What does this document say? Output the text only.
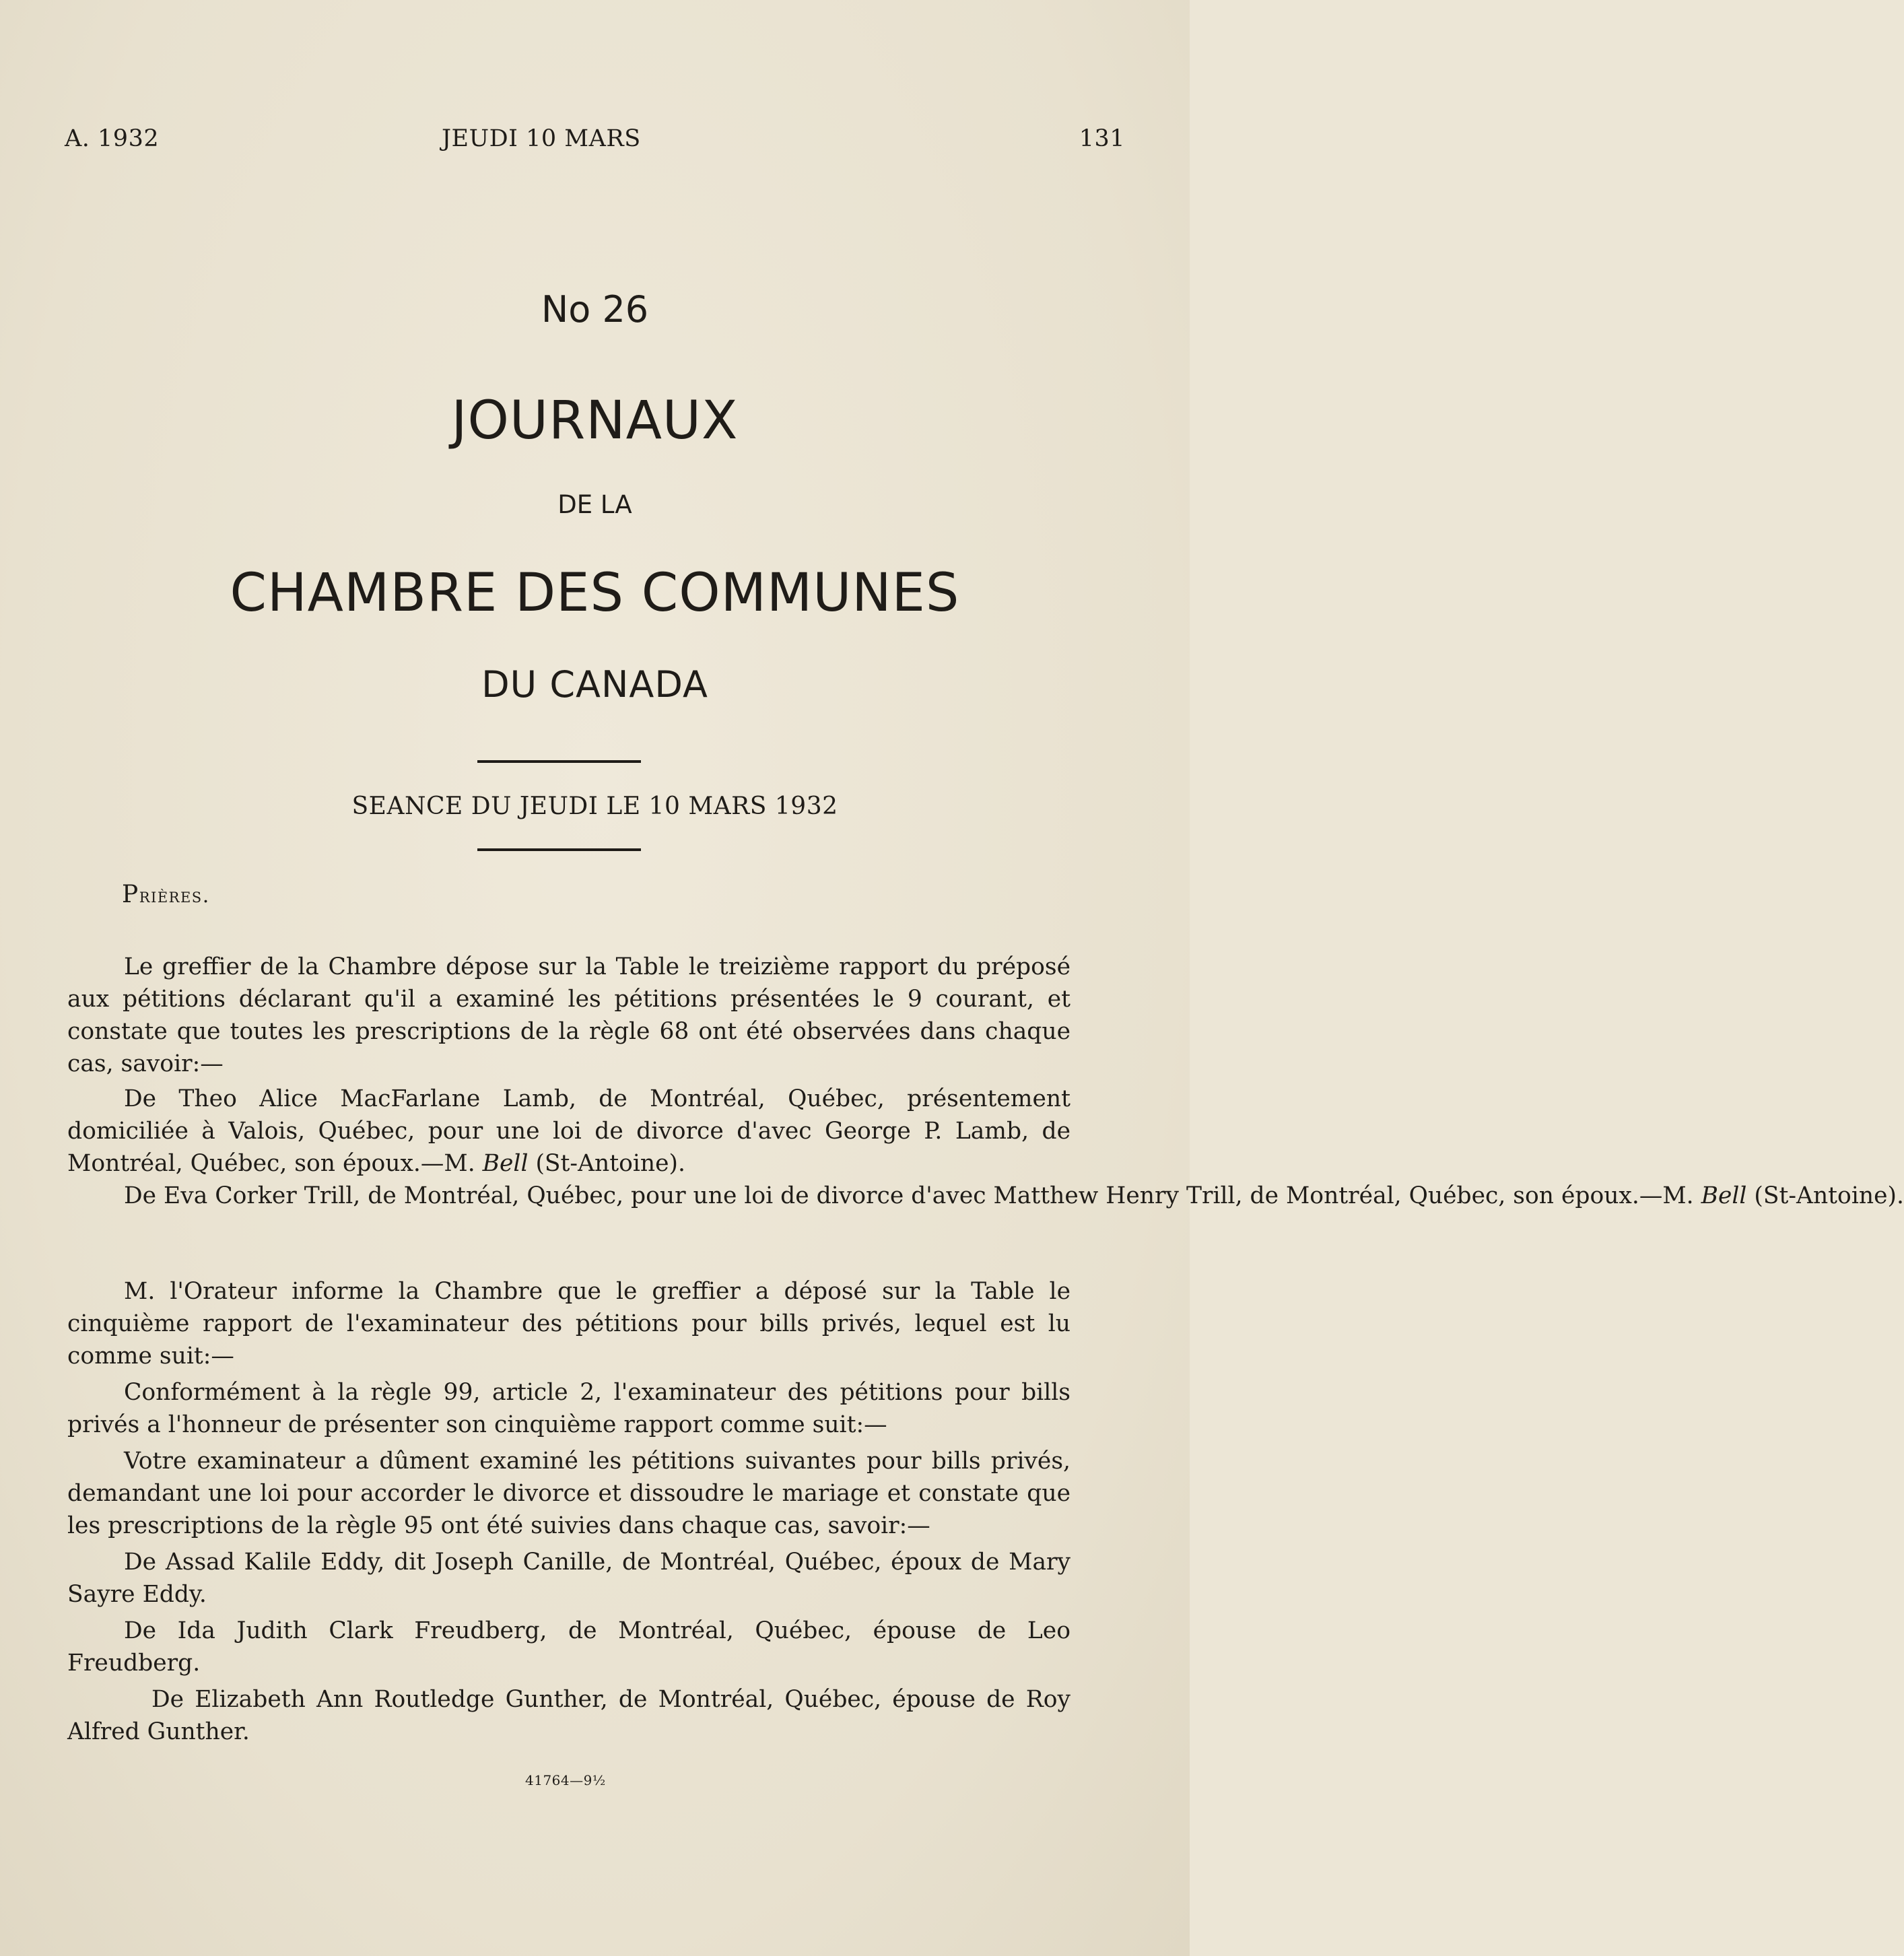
A. 1932	JEUDI 10 MARS	131
No 26
JOURNAUX
DE LA
CHAMBRE DES COMMUNES
DU CANADA
SEANCE DU JEUDI LE 10 MARS 1932
Prières.

Le greffier de la Chambre dépose sur la Table le treizième rapport du préposé aux pétitions déclarant qu'il a examiné les pétitions présentées le 9 courant, et constate que toutes les prescriptions de la règle 68 ont été observées dans chaque cas, savoir:—

De Theo Alice MacFarlane Lamb, de Montréal, Québec, présentement domiciliée à Valois, Québec, pour une loi de divorce d'avec George P. Lamb, de Montréal, Québec, son époux.—M. Bell (St-Antoine).

De Eva Corker Trill, de Montréal, Québec, pour une loi de divorce d'avec Matthew Henry Trill, de Montréal, Québec, son époux.—M. Bell (St-Antoine).

M. l'Orateur informe la Chambre que le greffier a déposé sur la Table le cinquième rapport de l'examinateur des pétitions pour bills privés, lequel est lu comme suit:—

Conformément à la règle 99, article 2, l'examinateur des pétitions pour bills privés a l'honneur de présenter son cinquième rapport comme suit:—

Votre examinateur a dûment examiné les pétitions suivantes pour bills privés, demandant une loi pour accorder le divorce et dissoudre le mariage et constate que les prescriptions de la règle 95 ont été suivies dans chaque cas, savoir:—

De Assad Kalile Eddy, dit Joseph Canille, de Montréal, Québec, époux de Mary Sayre Eddy.

De Ida Judith Clark Freudberg, de Montréal, Québec, épouse de Leo Freudberg.

De Elizabeth Ann Routledge Gunther, de Montréal, Québec, épouse de Roy Alfred Gunther.

41764—9½
